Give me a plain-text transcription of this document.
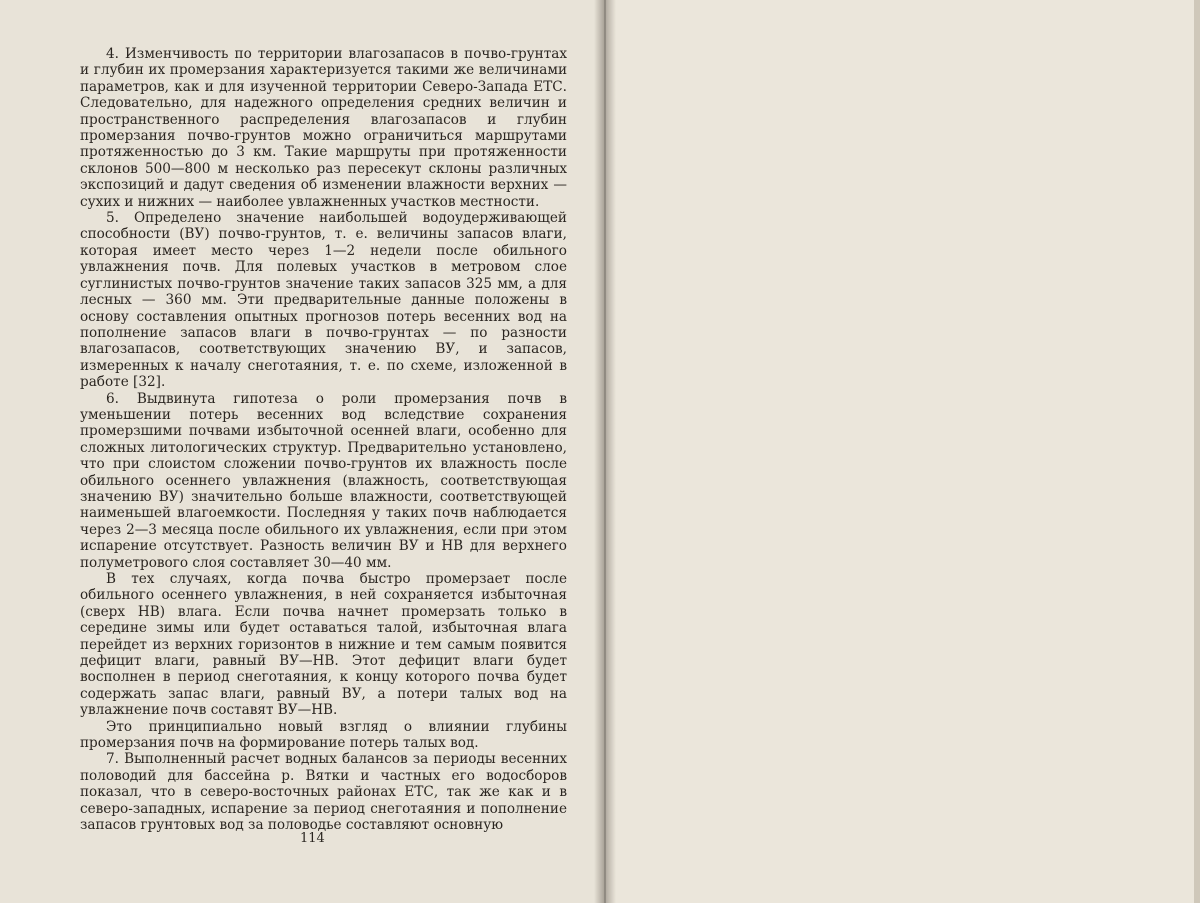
4. Изменчивость по территории влагозапасов в почво-грунтах и глубин их промерзания характеризуется такими же величинами параметров, как и для изученной территории Северо-Запада ЕТС. Следовательно, для надежного определения средних величин и пространственного распределения влагозапасов и глубин промерзания почво-грунтов можно ограничиться маршрутами протяженностью до 3 км. Такие маршруты при протяженности склонов 500—800 м несколько раз пересекут склоны различных экспозиций и дадут сведения об изменении влажности верхних — сухих и нижних — наиболее увлажненных участков местности.

5. Определено значение наибольшей водоудерживающей способности (ВУ) почво-грунтов, т. е. величины запасов влаги, которая имеет место через 1—2 недели после обильного увлажнения почв. Для полевых участков в метровом слое суглинистых почво-грунтов значение таких запасов 325 мм, а для лесных — 360 мм. Эти предварительные данные положены в основу составления опытных прогнозов потерь весенних вод на пополнение запасов влаги в почво-грунтах — по разности влагозапасов, соответствующих значению ВУ, и запасов, измеренных к началу снеготаяния, т. е. по схеме, изложенной в работе [32].

6. Выдвинута гипотеза о роли промерзания почв в уменьшении потерь весенних вод вследствие сохранения промерзшими почвами избыточной осенней влаги, особенно для сложных литологических структур. Предварительно установлено, что при слоистом сложении почво-грунтов их влажность после обильного осеннего увлажнения (влажность, соответствующая значению ВУ) значительно больше влажности, соответствующей наименьшей влагоемкости. Последняя у таких почв наблюдается через 2—3 месяца после обильного их увлажнения, если при этом испарение отсутствует. Разность величин ВУ и НВ для верхнего полуметрового слоя составляет 30—40 мм.

В тех случаях, когда почва быстро промерзает после обильного осеннего увлажнения, в ней сохраняется избыточная (сверх НВ) влага. Если почва начнет промерзать только в середине зимы или будет оставаться талой, избыточная влага перейдет из верхних горизонтов в нижние и тем самым появится дефицит влаги, равный ВУ—НВ. Этот дефицит влаги будет восполнен в период снеготаяния, к концу которого почва будет содержать запас влаги, равный ВУ, а потери талых вод на увлажнение почв составят ВУ—НВ.

Это принципиально новый взгляд о влиянии глубины промерзания почв на формирование потерь талых вод.

7. Выполненный расчет водных балансов за периоды весенних половодий для бассейна р. Вятки и частных его водосборов показал, что в северо-восточных районах ЕТС, так же как и в северо-западных, испарение за период снеготаяния и пополнение запасов грунтовых вод за половодье составляют основную

114
